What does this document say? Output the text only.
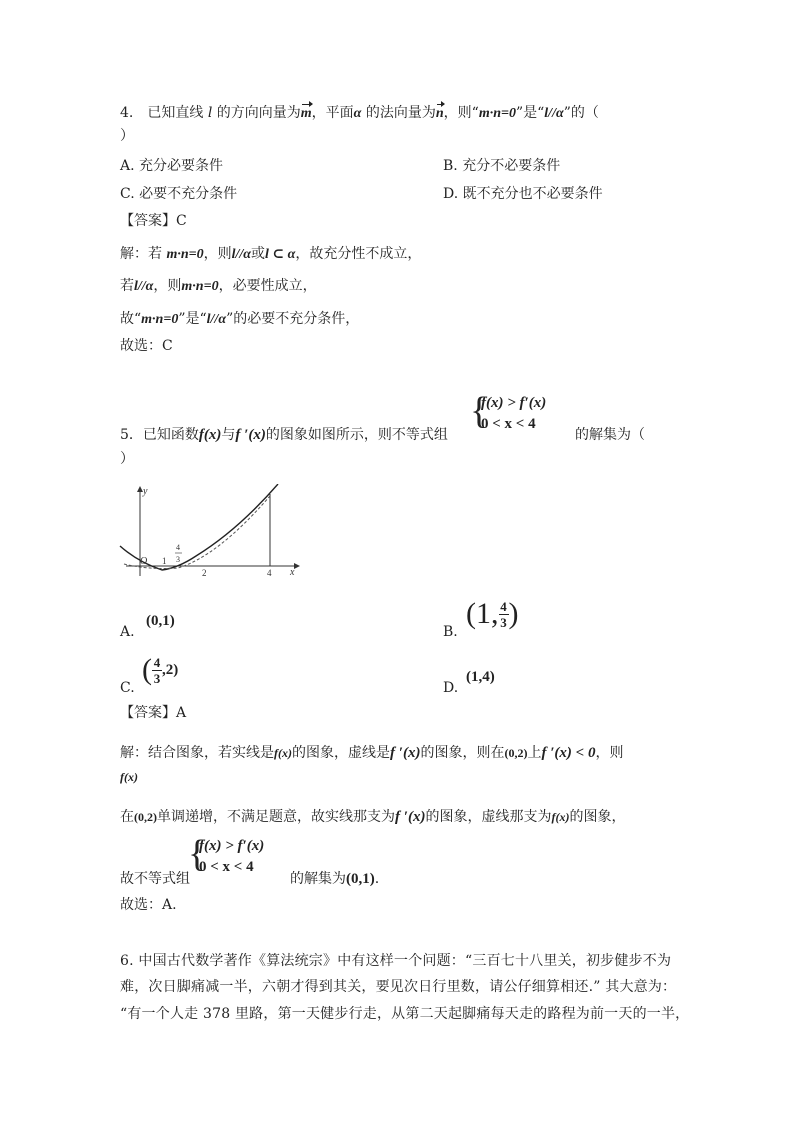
4.　已知直线 l 的方向向量为m，平面α 的法向量为n，则“m·n=0”是“l//α”的（
）
A. 充分必要条件	B. 充分不必要条件
C. 必要不充分条件	D. 既不充分也不必要条件
【答案】C
解：若 m·n=0，则l//α或l ⊂ α，故充分性不成立，
若l//α，则m·n=0，必要性成立，
故“m·n=0”是“l//α”的必要不充分条件，
故选：C
5．已知函数f(x)与f ′(x)的图象如图所示，则不等式组
{
f(x) > f′(x)
0 < x < 4
的解集为（
）
y
x
O 1
4
3
2	4
A.
(0,1)
B.
(1, $\frac{4}{3}$ )
C.
( $\frac{4}{3} ,2$)
D.
(1,4)
【答案】A
解：结合图象，若实线是f(x)的图象，虚线是f ′(x)的图象，则在(0,2)上f ′(x) < 0，则
f(x)
在(0,2)单调递增，不满足题意，故实线那支为f ′(x)的图象，虚线那支为f(x)的图象，
故不等式组
{
f(x) > f′(x)
0 < x < 4
的解集为(0,1).
故选：A.
6. 中国古代数学著作《算法统宗》中有这样一个问题：“三百七十八里关，初步健步不为
难，次日脚痛减一半，六朝才得到其关，要见次日行里数，请公仔细算相还.” 其大意为：
“有一个人走 378 里路，第一天健步行走，从第二天起脚痛每天走的路程为前一天的一半，
